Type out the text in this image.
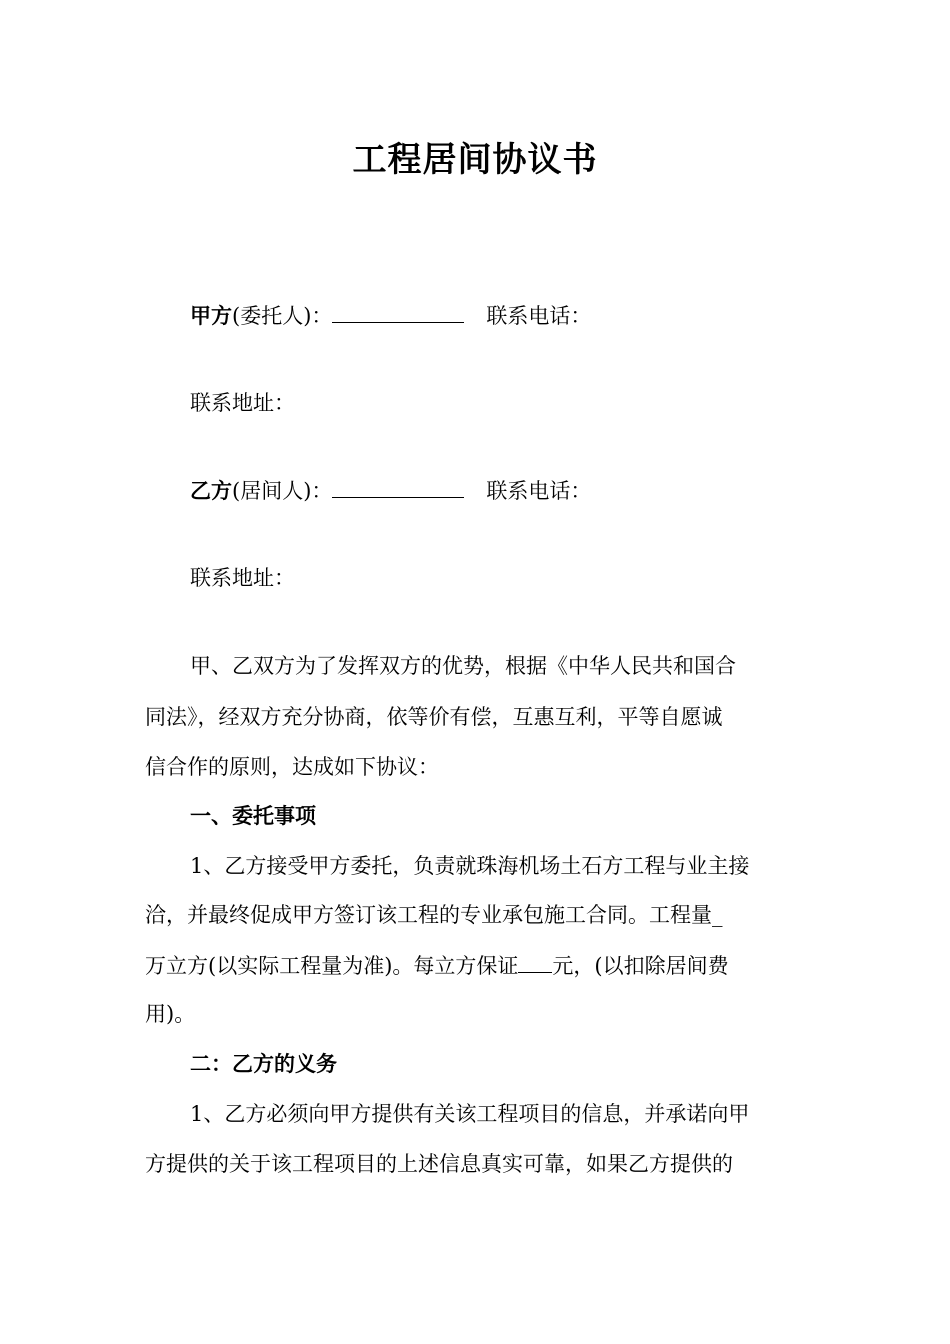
工程居间协议书
甲方(委托人)：	联系电话：
联系地址：
乙方(居间人)：	联系电话：
联系地址：
甲、乙双方为了发挥双方的优势，根据《中华人民共和国合
同法》，经双方充分协商，依等价有偿，互惠互利，平等自愿诚
信合作的原则，达成如下协议：
一、委托事项
1、乙方接受甲方委托，负责就珠海机场土石方工程与业主接
洽，并最终促成甲方签订该工程的专业承包施工合同。工程量_
万立方(以实际工程量为准)。每立方保证 元，(以扣除居间费
用)。
二：乙方的义务
1、乙方必须向甲方提供有关该工程项目的信息，并承诺向甲
方提供的关于该工程项目的上述信息真实可靠，如果乙方提供的
